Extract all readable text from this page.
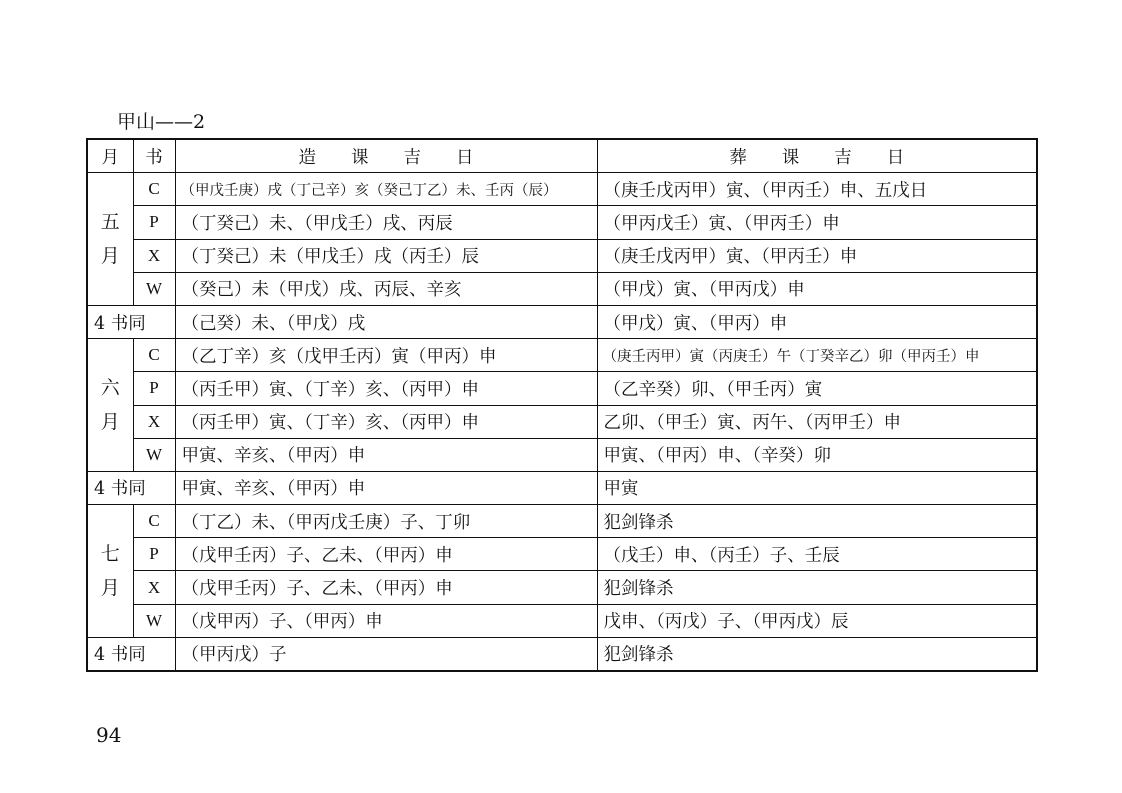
甲山——2
月	书	造　　课　　吉　　日	葬　　课　　吉　　日

五
月	C	（甲戊壬庚）戌（丁己辛）亥（癸己丁乙）未、壬丙（辰）	（庚壬戊丙甲）寅、（甲丙壬）申、五戊日
	P	（丁癸己）未、（甲戊壬）戌、丙辰	（甲丙戊壬）寅、（甲丙壬）申
	X	（丁癸己）未（甲戊壬）戌（丙壬）辰	（庚壬戊丙甲）寅、（甲丙壬）申
	W	（癸己）未（甲戊）戌、丙辰、辛亥	（甲戊）寅、（甲丙戊）申
4 书同		（己癸）未、（甲戊）戌	（甲戊）寅、（甲丙）申

六
月	C	（乙丁辛）亥（戊甲壬丙）寅（甲丙）申	（庚壬丙甲）寅（丙庚壬）午（丁癸辛乙）卯（甲丙壬）申
	P	（丙壬甲）寅、（丁辛）亥、（丙甲）申	（乙辛癸）卯、（甲壬丙）寅
	X	（丙壬甲）寅、（丁辛）亥、（丙甲）申	乙卯、（甲壬）寅、丙午、（丙甲壬）申
	W	甲寅、辛亥、（甲丙）申	甲寅、（甲丙）申、（辛癸）卯
4 书同		甲寅、辛亥、（甲丙）申	甲寅

七
月	C	（丁乙）未、（甲丙戊壬庚）子、丁卯	犯剑锋杀
	P	（戊甲壬丙）子、乙未、（甲丙）申	（戊壬）申、（丙壬）子、壬辰
	X	（戊甲壬丙）子、乙未、（甲丙）申	犯剑锋杀
	W	（戊甲丙）子、（甲丙）申	戊申、（丙戊）子、（甲丙戊）辰
4 书同		（甲丙戊）子	犯剑锋杀
94
